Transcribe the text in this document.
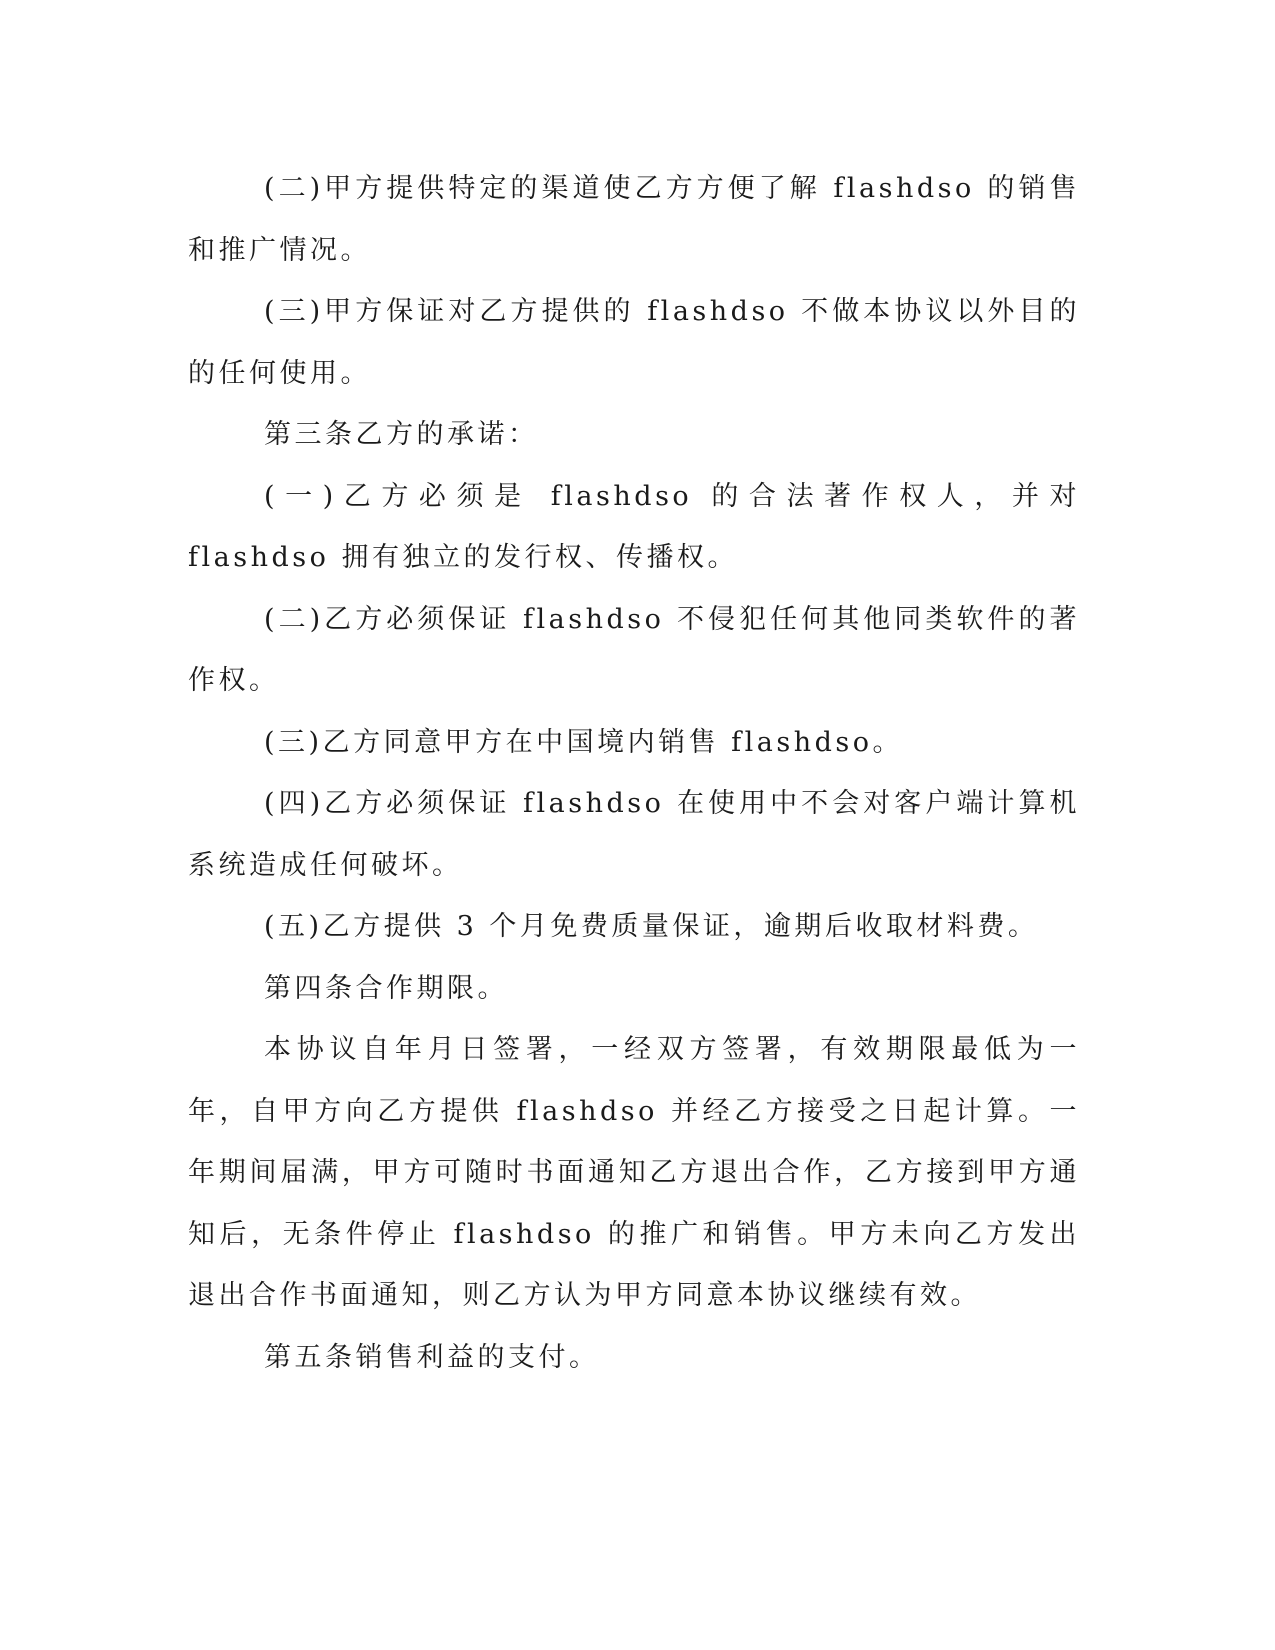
(二)甲方提供特定的渠道使乙方方便了解 flashdso 的销售和推广情况。

(三)甲方保证对乙方提供的 flashdso 不做本协议以外目的的任何使用。

第三条乙方的承诺：

(一)乙方必须是 flashdso 的合法著作权人，并对 flashdso 拥有独立的发行权、传播权。

(二)乙方必须保证 flashdso 不侵犯任何其他同类软件的著作权。

(三)乙方同意甲方在中国境内销售 flashdso。

(四)乙方必须保证 flashdso 在使用中不会对客户端计算机系统造成任何破坏。

(五)乙方提供 3 个月免费质量保证，逾期后收取材料费。

第四条合作期限。

本协议自年月日签署，一经双方签署，有效期限最低为一年，自甲方向乙方提供 flashdso 并经乙方接受之日起计算。一年期间届满，甲方可随时书面通知乙方退出合作，乙方接到甲方通知后，无条件停止 flashdso 的推广和销售。甲方未向乙方发出退出合作书面通知，则乙方认为甲方同意本协议继续有效。

第五条销售利益的支付。
